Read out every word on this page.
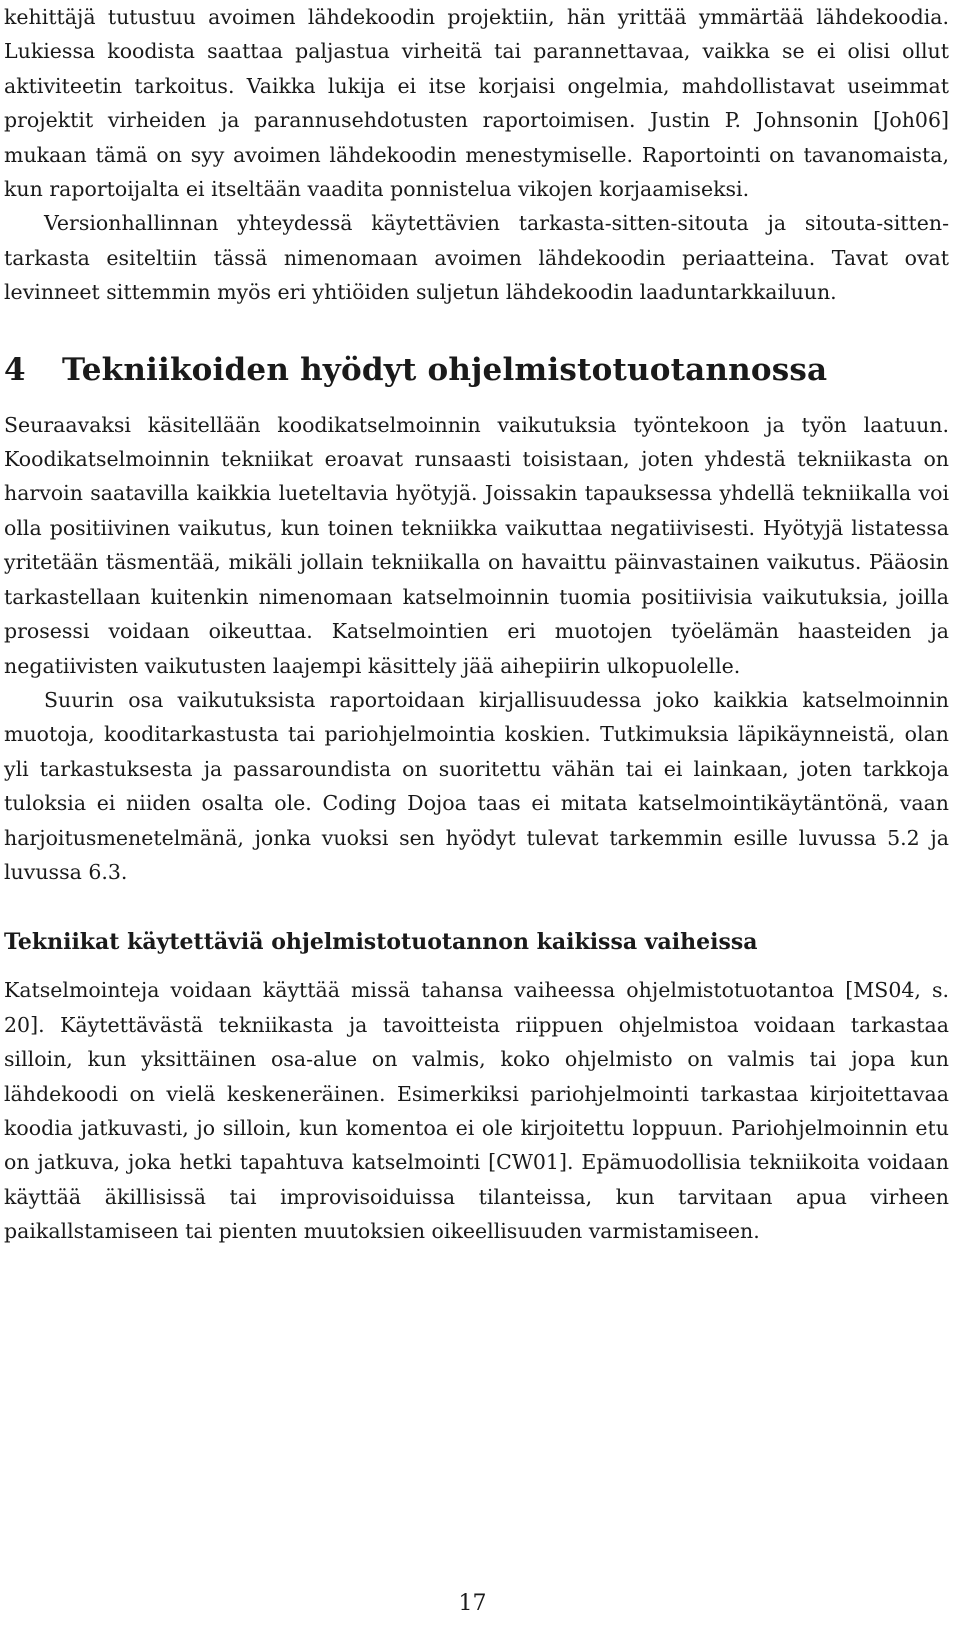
kehittäjä tutustuu avoimen lähdekoodin projektiin, hän yrittää ymmärtää lähdekoodia. Lukiessa koodista saattaa paljastua virheitä tai parannettavaa, vaikka se ei olisi ollut aktiviteetin tarkoitus. Vaikka lukija ei itse korjaisi ongelmia, mahdollistavat useimmat projektit virheiden ja parannusehdotusten raportoimisen. Justin P. Johnsonin [Joh06] mukaan tämä on syy avoimen lähdekoodin menestymiselle. Raportointi on tavanomaista, kun raportoijalta ei itseltään vaadita ponnistelua vikojen korjaamiseksi.

Versionhallinnan yhteydessä käytettävien tarkasta-sitten-sitouta ja sitouta-sitten-tarkasta esiteltiin tässä nimenomaan avoimen lähdekoodin periaatteina. Tavat ovat levinneet sittemmin myös eri yhtiöiden suljetun lähdekoodin laaduntarkkailuun.

4 Tekniikoiden hyödyt ohjelmistotuotannossa

Seuraavaksi käsitellään koodikatselmoinnin vaikutuksia työntekoon ja työn laatuun. Koodikatselmoinnin tekniikat eroavat runsaasti toisistaan, joten yhdestä tekniikasta on harvoin saatavilla kaikkia lueteltavia hyötyjä. Joissakin tapauksessa yhdellä tekniikalla voi olla positiivinen vaikutus, kun toinen tekniikka vaikuttaa negatiivisesti. Hyötyjä listatessa yritetään täsmentää, mikäli jollain tekniikalla on havaittu päinvastainen vaikutus. Pääosin tarkastellaan kuitenkin nimenomaan katselmoinnin tuomia positiivisia vaikutuksia, joilla prosessi voidaan oikeuttaa. Katselmointien eri muotojen työelämän haasteiden ja negatiivisten vaikutusten laajempi käsittely jää aihepiirin ulkopuolelle.

Suurin osa vaikutuksista raportoidaan kirjallisuudessa joko kaikkia katselmoinnin muotoja, kooditarkastusta tai pariohjelmointia koskien. Tutkimuksia läpikäynneistä, olan yli tarkastuksesta ja passaroundista on suoritettu vähän tai ei lainkaan, joten tarkkoja tuloksia ei niiden osalta ole. Coding Dojoa taas ei mitata katselmointikäytäntönä, vaan harjoitusmenetelmänä, jonka vuoksi sen hyödyt tulevat tarkemmin esille luvussa 5.2 ja luvussa 6.3.

Tekniikat käytettäviä ohjelmistotuotannon kaikissa vaiheissa

Katselmointeja voidaan käyttää missä tahansa vaiheessa ohjelmistotuotantoa [MS04, s. 20]. Käytettävästä tekniikasta ja tavoitteista riippuen ohjelmistoa voidaan tarkastaa silloin, kun yksittäinen osa-alue on valmis, koko ohjelmisto on valmis tai jopa kun lähdekoodi on vielä keskeneräinen. Esimerkiksi pariohjelmointi tarkastaa kirjoitettavaa koodia jatkuvasti, jo silloin, kun komentoa ei ole kirjoitettu loppuun. Pariohjelmoinnin etu on jatkuva, joka hetki tapahtuva katselmointi [CW01]. Epämuodollisia tekniikoita voidaan käyttää äkillisissä tai improvisoiduissa tilanteissa, kun tarvitaan apua virheen paikallstamiseen tai pienten muutoksien oikeellisuuden varmistamiseen.

17
